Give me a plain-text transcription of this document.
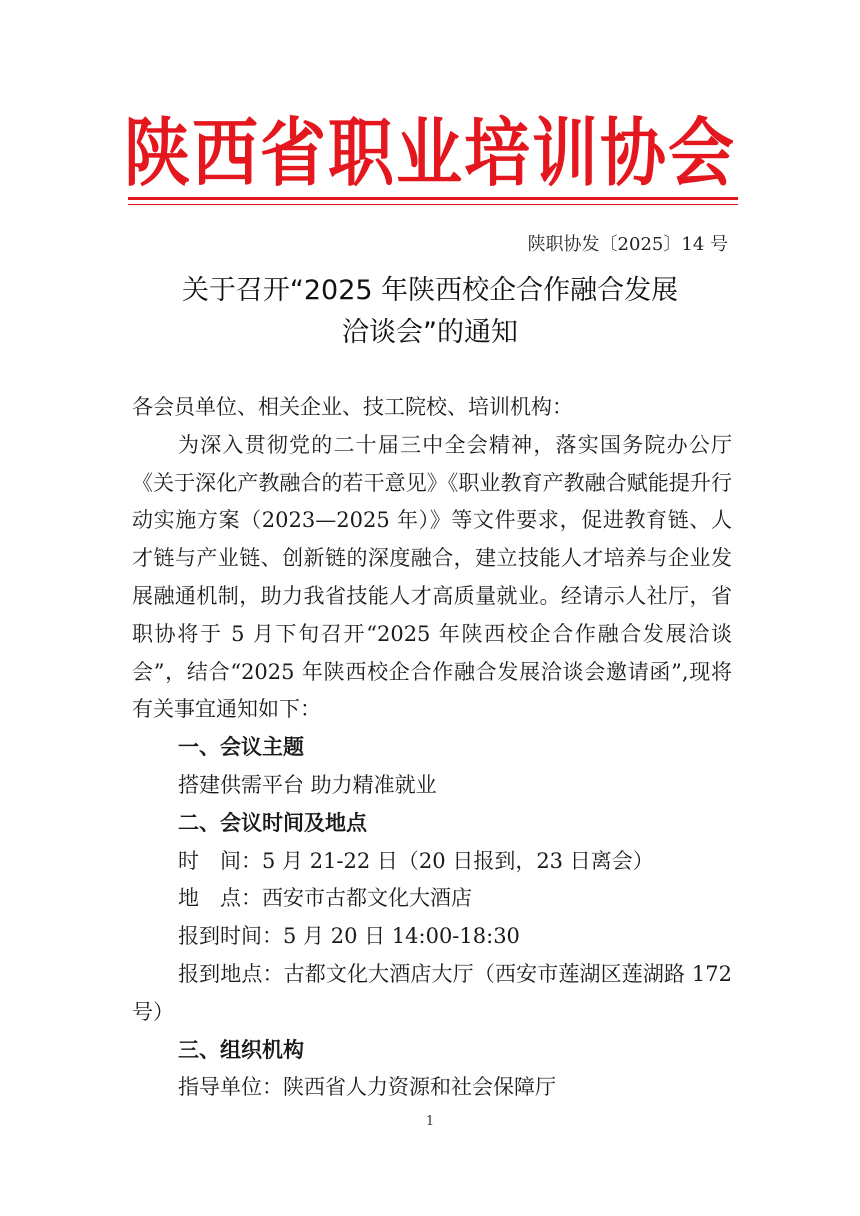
陕西省职业培训协会
陕职协发〔2025〕14 号
关于召开“2025 年陕西校企合作融合发展
洽谈会”的通知

各会员单位、相关企业、技工院校、培训机构：

为深入贯彻党的二十届三中全会精神，落实国务院办公厅《关于深化产教融合的若干意见》《职业教育产教融合赋能提升行动实施方案（2023—2025 年）》等文件要求，促进教育链、人才链与产业链、创新链的深度融合，建立技能人才培养与企业发展融通机制，助力我省技能人才高质量就业。经请示人社厅，省职协将于 5 月下旬召开“2025 年陕西校企合作融合发展洽谈会”，结合“2025 年陕西校企合作融合发展洽谈会邀请函”,现将有关事宜通知如下：

一、会议主题

搭建供需平台 助力精准就业

二、会议时间及地点

时　间：5 月 21-22 日（20 日报到，23 日离会）

地　点：西安市古都文化大酒店

报到时间：5 月 20 日 14:00-18:30

报到地点：古都文化大酒店大厅（西安市莲湖区莲湖路 172 号）

三、组织机构

指导单位：陕西省人力资源和社会保障厅

1
